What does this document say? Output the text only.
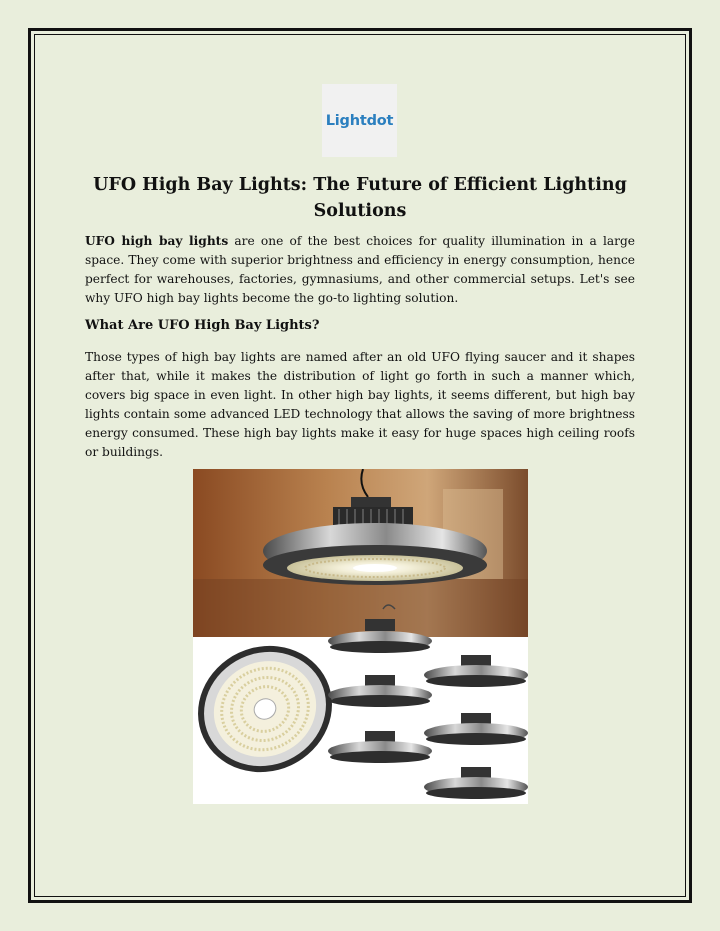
Lightdot
UFO High Bay Lights: The Future of Efficient Lighting Solutions

UFO high bay lights are one of the best choices for quality illumination in a large space. They come with superior brightness and efficiency in energy consumption, hence perfect for warehouses, factories, gymnasiums, and other commercial setups. Let's see why UFO high bay lights become the go-to lighting solution.

What Are UFO High Bay Lights?

Those types of high bay lights are named after an old UFO flying saucer and it shapes after that, while it makes the distribution of light go forth in such a manner which, covers big space in even light. In other high bay lights, it seems different, but high bay lights contain some advanced LED technology that allows the saving of more brightness energy consumed. These high bay lights make it easy for huge spaces high ceiling roofs or buildings.
